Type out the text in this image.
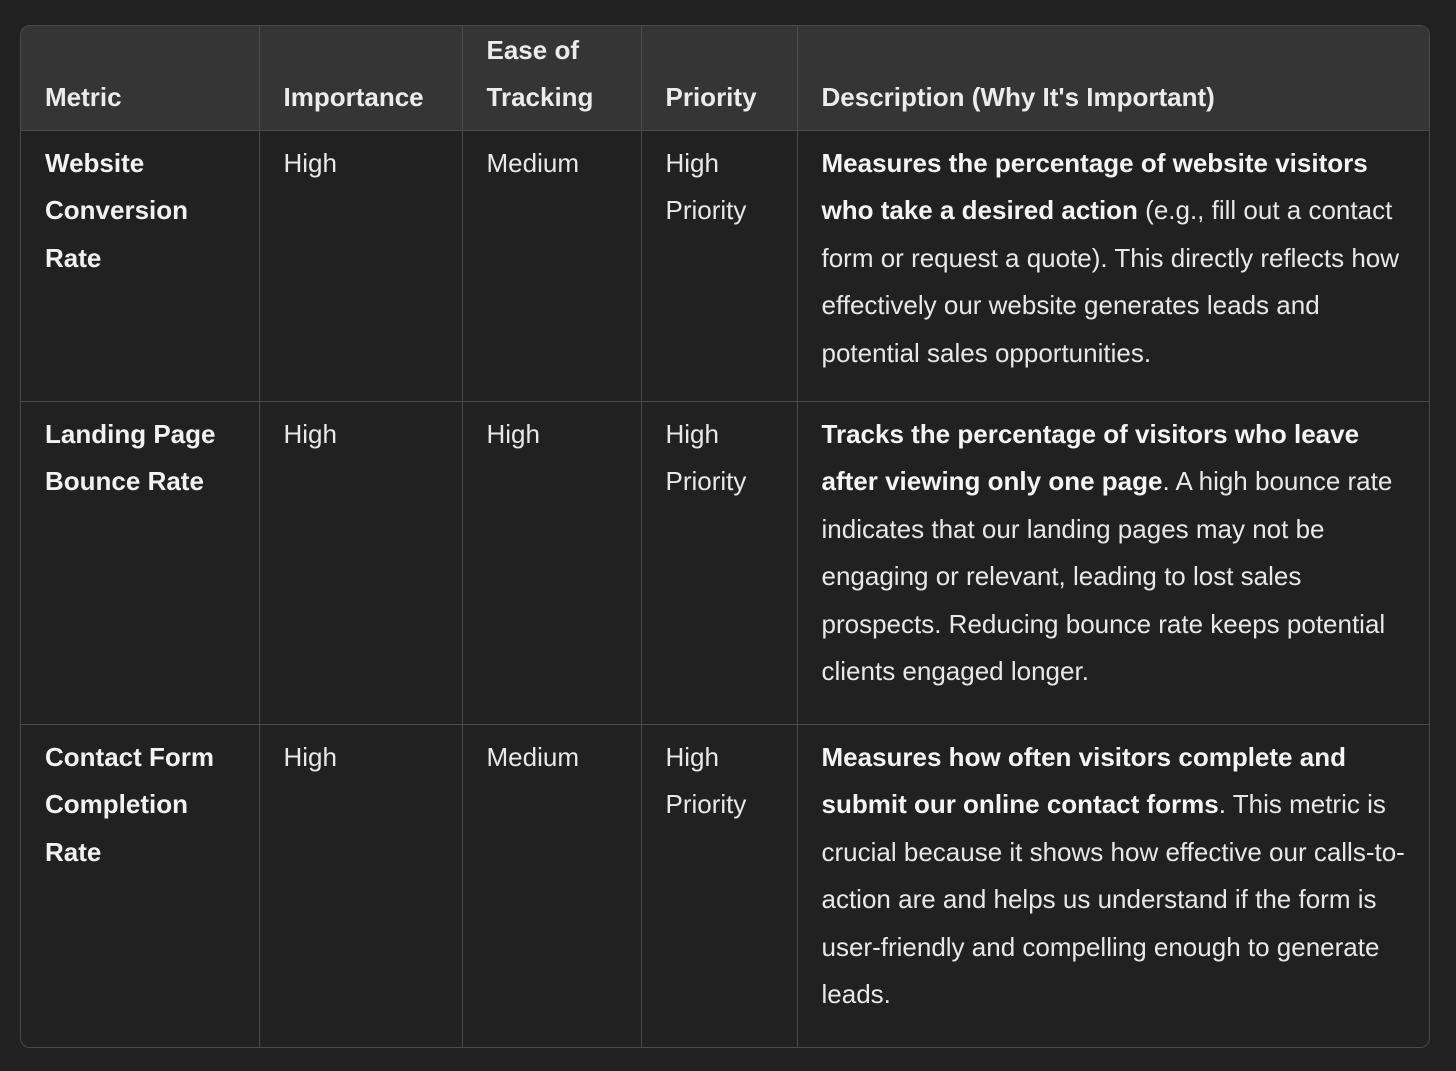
Metric	Importance	Ease of Tracking	Priority	Description (Why It's Important)
Website Conversion Rate	High	Medium	High Priority	Measures the percentage of website visitors who take a desired action (e.g., fill out a contact form or request a quote). This directly reflects how effectively our website generates leads and potential sales opportunities.
Landing Page Bounce Rate	High	High	High Priority	Tracks the percentage of visitors who leave after viewing only one page. A high bounce rate indicates that our landing pages may not be engaging or relevant, leading to lost sales prospects. Reducing bounce rate keeps potential clients engaged longer.
Contact Form Completion Rate	High	Medium	High Priority	Measures how often visitors complete and submit our online contact forms. This metric is crucial because it shows how effective our calls-to-action are and helps us understand if the form is user-friendly and compelling enough to generate leads.
